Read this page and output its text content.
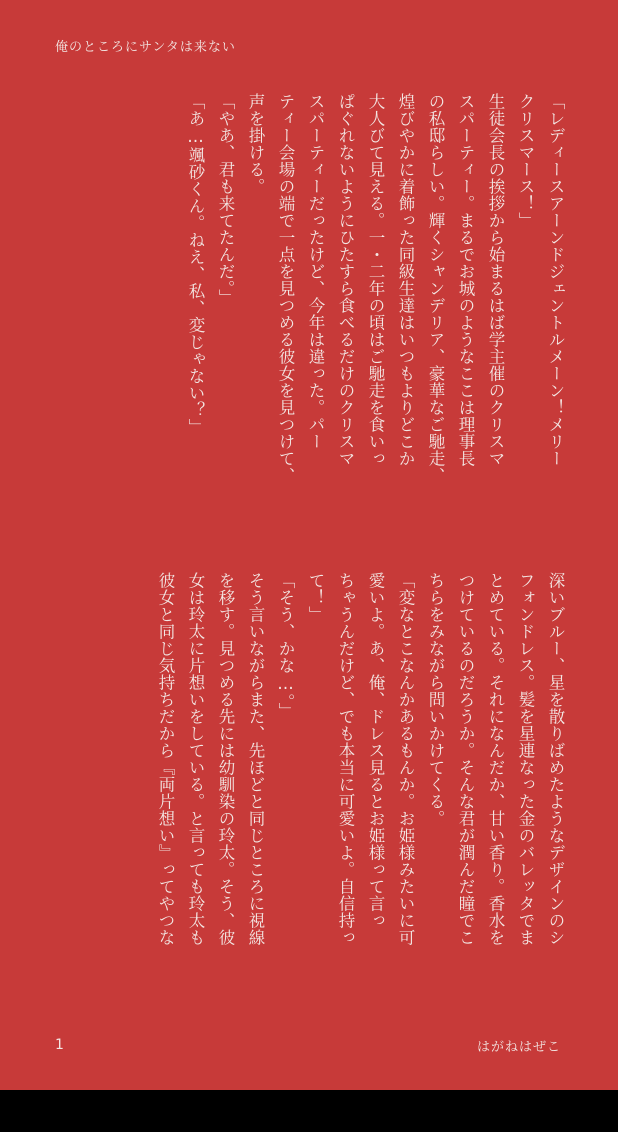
俺のところにサンタは来ない
「レディースアーンドジェントルメーン！メリー
クリスマース！」
生徒会長の挨拶から始まるはば学主催のクリスマ
スパーティー。まるでお城のようなここは理事長
の私邸らしい。輝くシャンデリア、豪華なご馳走、
煌びやかに着飾った同級生達はいつもよりどこか
大人びて見える。一・二年の頃はご馳走を食いっ
ぱぐれないようにひたすら食べるだけのクリスマ
スパーティーだったけど、今年は違った。パー
ティー会場の端で一点を見つめる彼女を見つけて、
声を掛ける。
「やあ、君も来てたんだ。」
「あ…颯砂くん。ねえ、私、変じゃない？」
深いブルー、星を散りばめたようなデザインのシ
フォンドレス。髪を星連なった金のバレッタでま
とめている。それになんだか、甘い香り。香水を
つけているのだろうか。そんな君が潤んだ瞳でこ
ちらをみながら問いかけてくる。
「変なとこなんかあるもんか。お姫様みたいに可
愛いよ。あ、俺、ドレス見るとお姫様って言っ
ちゃうんだけど、でも本当に可愛いよ。自信持っ
て！」
「そう、かな…。」
そう言いながらまた、先ほどと同じところに視線
を移す。見つめる先には幼馴染の玲太。そう、彼
女は玲太に片想いをしている。と言っても玲太も
彼女と同じ気持ちだから『両片想い』ってやつな
1	はがねはぜこ
